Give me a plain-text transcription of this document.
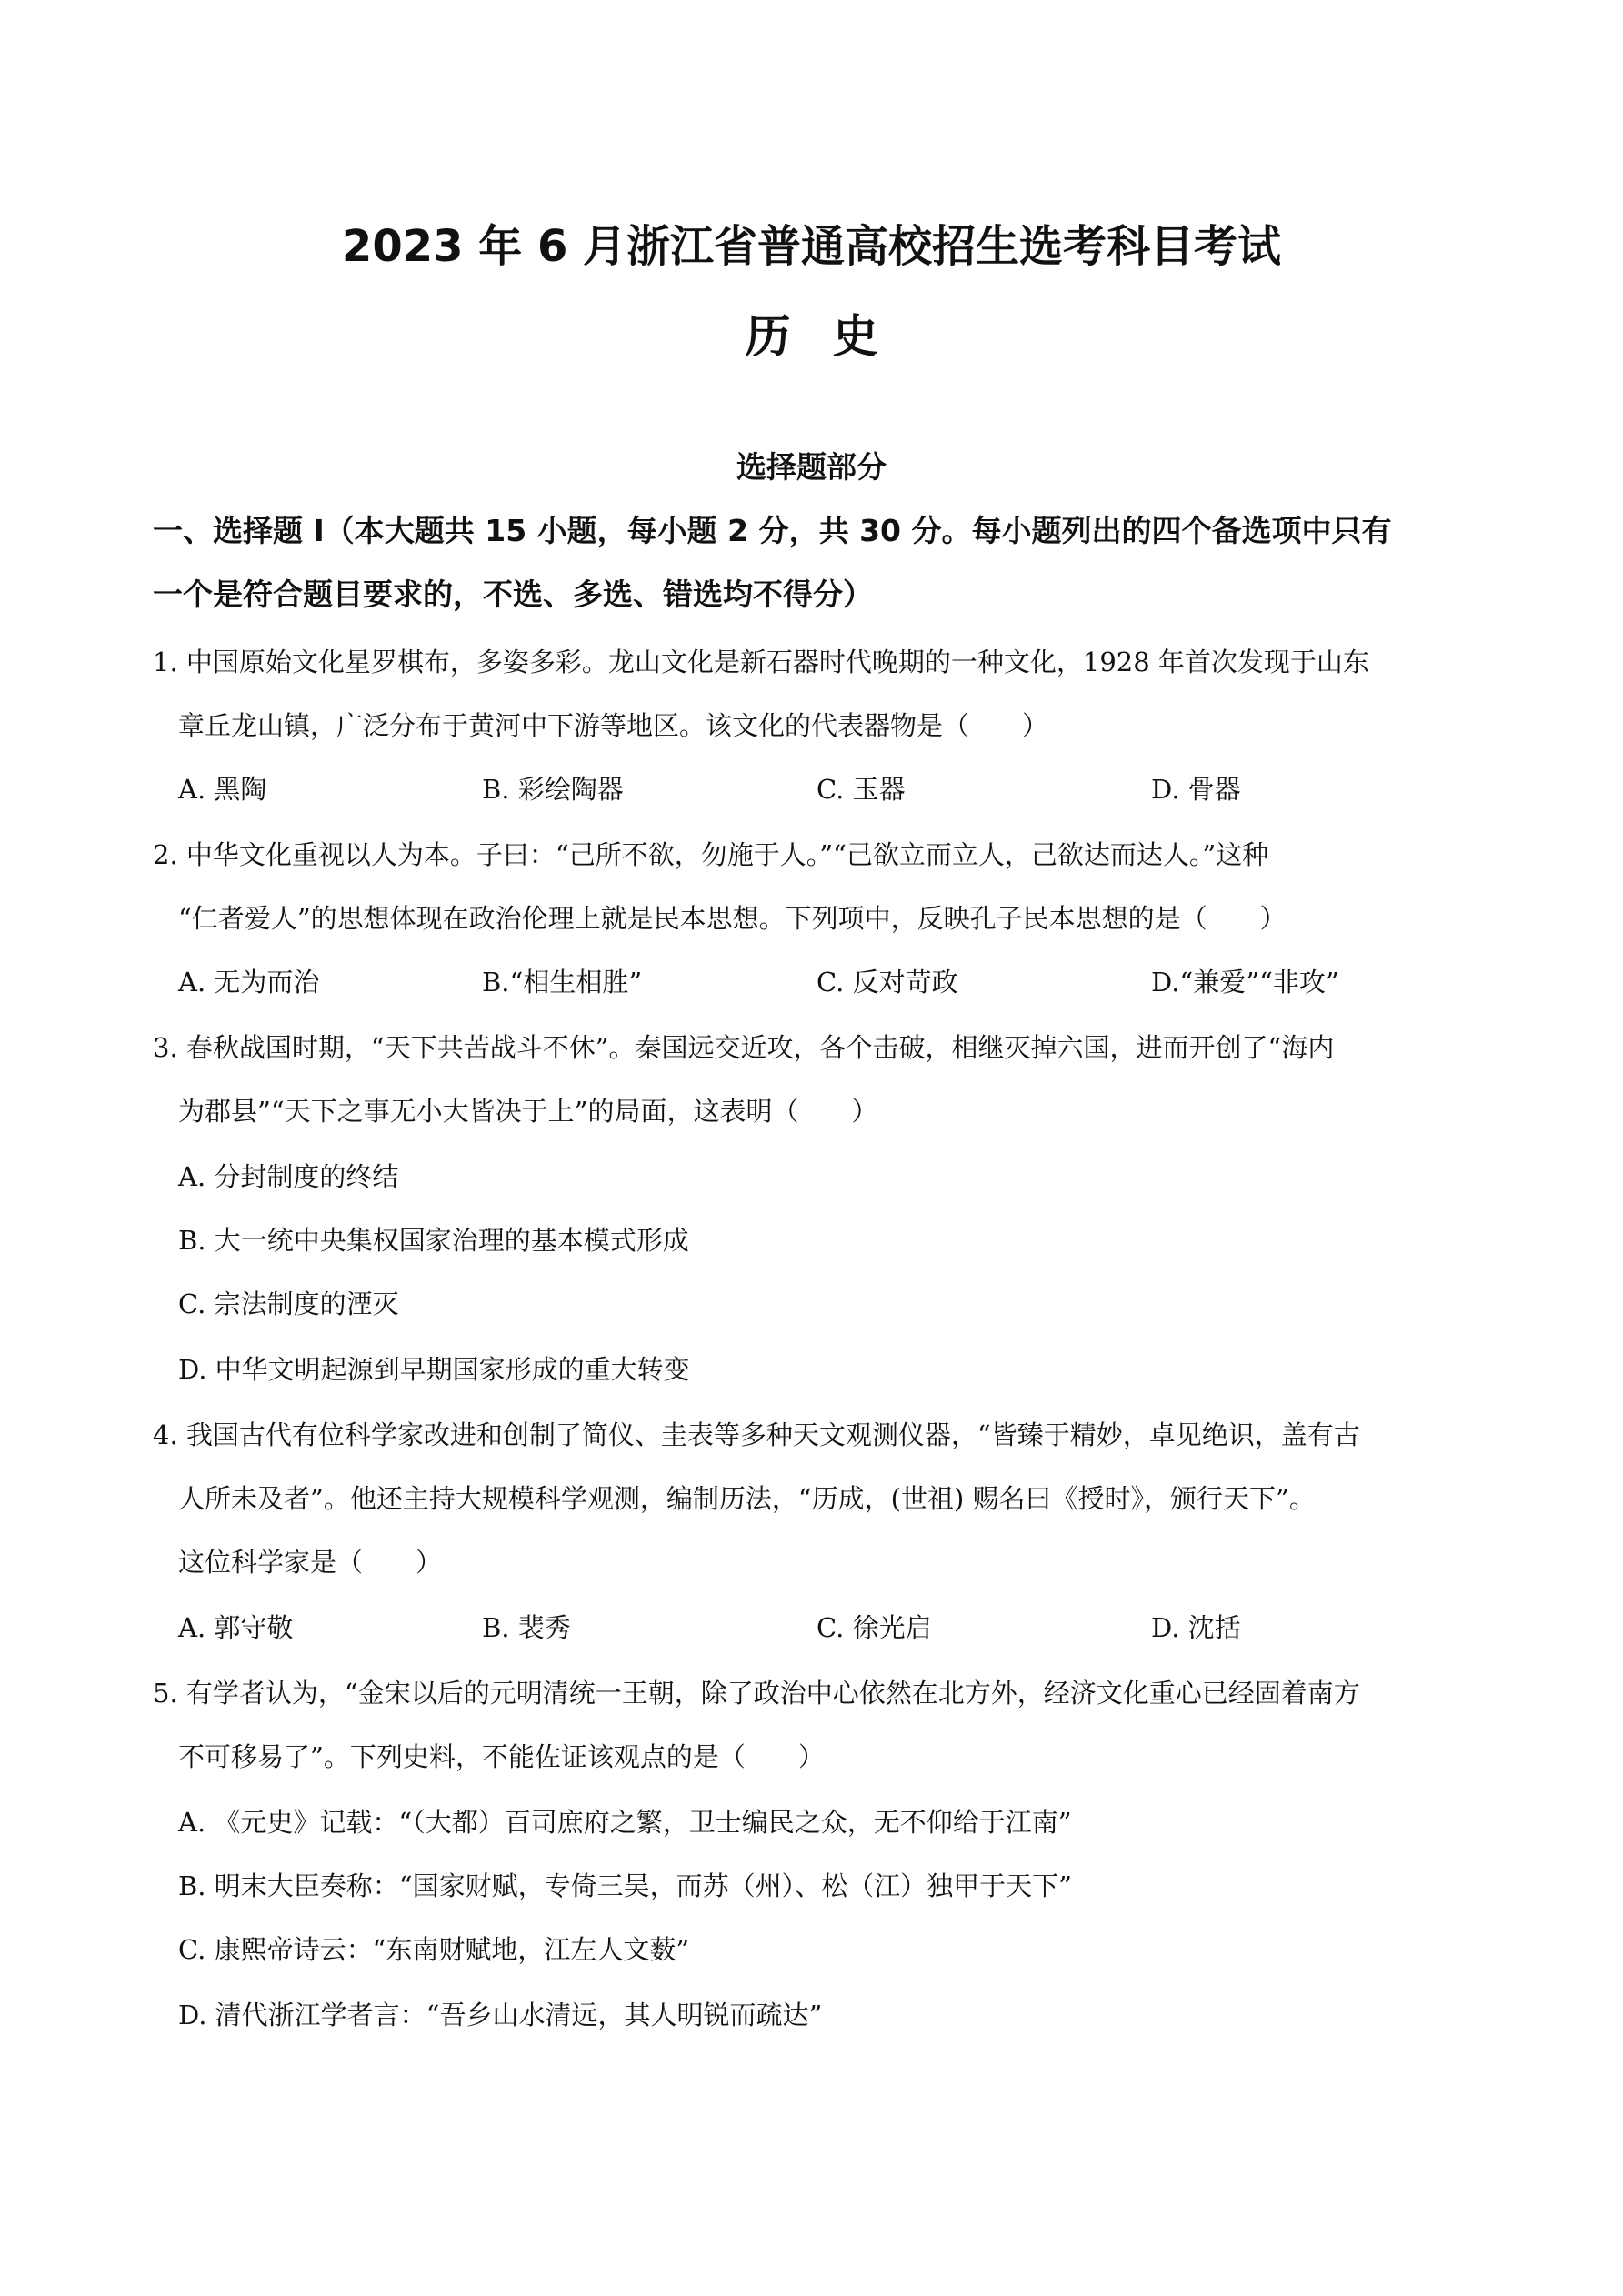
2023 年 6 月浙江省普通高校招生选考科目考试
历史
选择题部分
一、选择题 I（本大题共 15 小题，每小题 2 分，共 30 分。每小题列出的四个备选项中只有
一个是符合题目要求的，不选、多选、错选均不得分）
1. 中国原始文化星罗棋布，多姿多彩。龙山文化是新石器时代晚期的一种文化，1928 年首次发现于山东
章丘龙山镇，广泛分布于黄河中下游等地区。该文化的代表器物是（　　）
A. 黑陶	B. 彩绘陶器	C. 玉器	D. 骨器
2. 中华文化重视以人为本。子曰：“己所不欲，勿施于人。”“己欲立而立人，己欲达而达人。”这种
“仁者爱人”的思想体现在政治伦理上就是民本思想。下列项中，反映孔子民本思想的是（　　）
A. 无为而治	B.“相生相胜”	C. 反对苛政	D.“兼爱”“非攻”
3. 春秋战国时期，“天下共苦战斗不休”。秦国远交近攻，各个击破，相继灭掉六国，进而开创了“海内
为郡县”“天下之事无小大皆决于上”的局面，这表明（　　）
A. 分封制度的终结
B. 大一统中央集权国家治理的基本模式形成
C. 宗法制度的湮灭
D. 中华文明起源到早期国家形成的重大转变
4. 我国古代有位科学家改进和创制了简仪、圭表等多种天文观测仪器，“皆臻于精妙，卓见绝识，盖有古
人所未及者”。他还主持大规模科学观测，编制历法，“历成，(世祖) 赐名曰《授时》，颁行天下”。
这位科学家是（　　）
A. 郭守敬	B. 裴秀	C. 徐光启	D. 沈括
5. 有学者认为，“金宋以后的元明清统一王朝，除了政治中心依然在北方外，经济文化重心已经固着南方
不可移易了”。下列史料，不能佐证该观点的是（　　）
A. 《元史》记载：“（大都）百司庶府之繁，卫士编民之众，无不仰给于江南”
B. 明末大臣奏称：“国家财赋，专倚三吴，而苏（州）、松（江）独甲于天下”
C. 康熙帝诗云：“东南财赋地，江左人文薮”
D. 清代浙江学者言：“吾乡山水清远，其人明锐而疏达”
